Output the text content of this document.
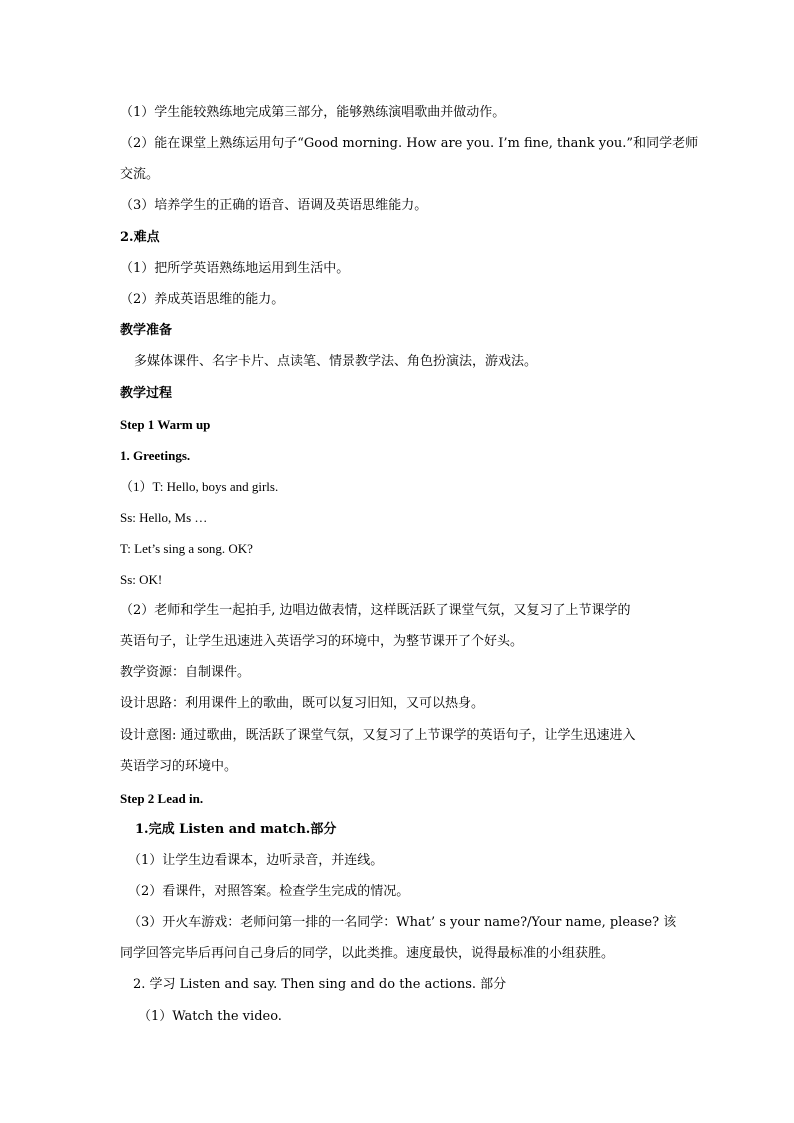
（1）学生能较熟练地完成第三部分，能够熟练演唱歌曲并做动作。
（2）能在课堂上熟练运用句子“Good morning. How are you. I’m fine, thank you.”和同学老师
交流。
（3）培养学生的正确的语音、语调及英语思维能力。
2.难点
（1）把所学英语熟练地运用到生活中。
（2）养成英语思维的能力。
教学准备
多媒体课件、名字卡片、点读笔、情景教学法、角色扮演法，游戏法。
教学过程
Step 1 Warm up
1. Greetings.
（1）T: Hello, boys and girls.
Ss: Hello, Ms …
T: Let’s sing a song. OK?
Ss: OK!
（2）老师和学生一起拍手, 边唱边做表情，这样既活跃了课堂气氛，又复习了上节课学的
英语句子，让学生迅速进入英语学习的环境中，为整节课开了个好头。
教学资源：自制课件。
设计思路：利用课件上的歌曲，既可以复习旧知，又可以热身。
设计意图: 通过歌曲，既活跃了课堂气氛，又复习了上节课学的英语句子，让学生迅速进入
英语学习的环境中。
Step 2 Lead in.
1.完成 Listen and match.部分
（1）让学生边看课本，边听录音，并连线。
（2）看课件，对照答案。检查学生完成的情况。
（3）开火车游戏：老师问第一排的一名同学：What’ s your name?/Your name, please? 该
同学回答完毕后再问自己身后的同学，以此类推。速度最快，说得最标准的小组获胜。
2. 学习 Listen and say. Then sing and do the actions. 部分
（1）Watch the video.
